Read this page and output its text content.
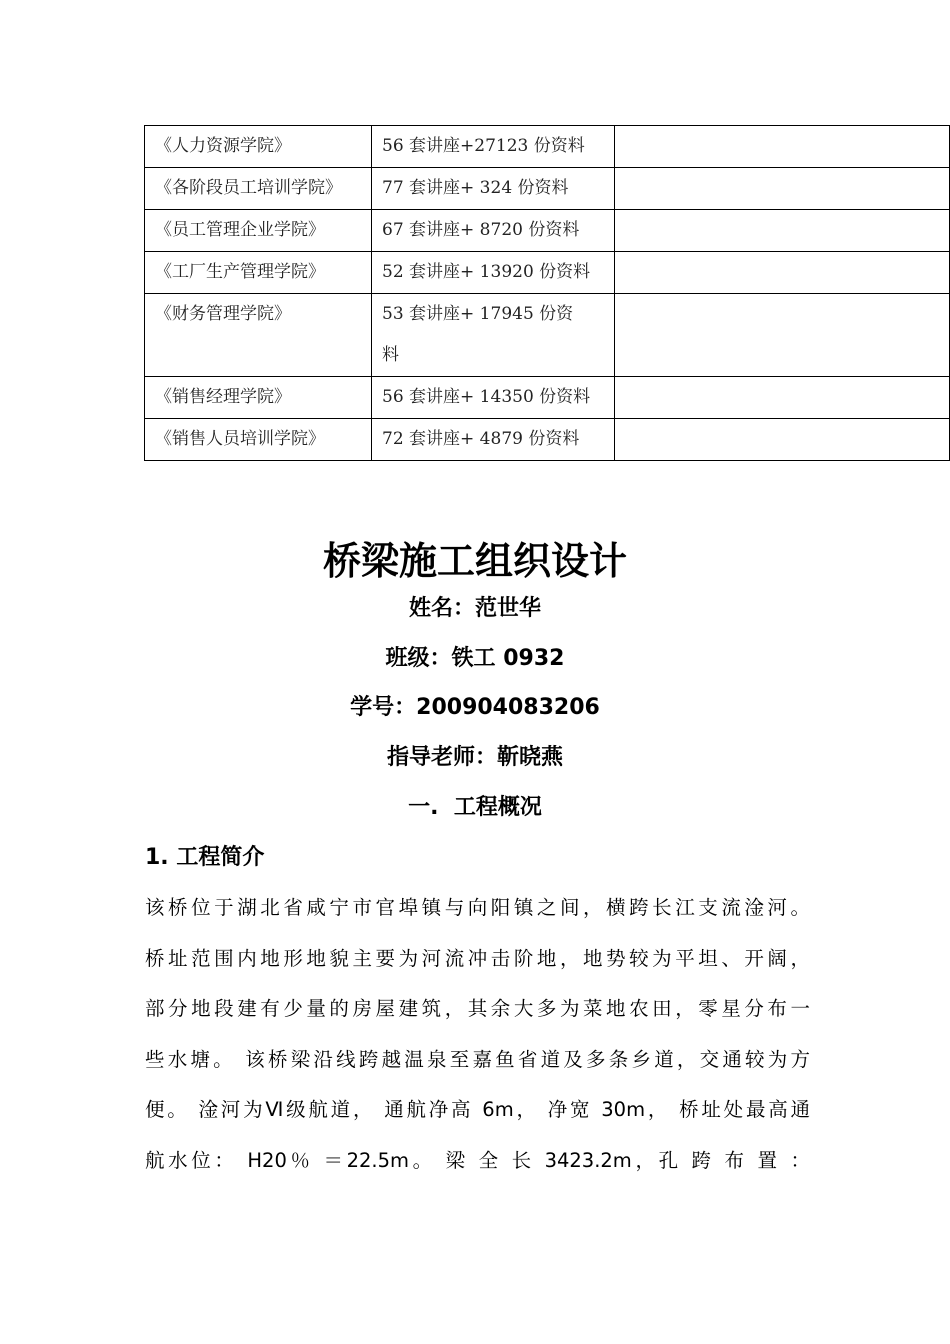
《人力资源学院》	56 套讲座+27123 份资料	

《各阶段员工培训学院》	77 套讲座+ 324 份资料	
《员工管理企业学院》	67 套讲座+ 8720 份资料	
《工厂生产管理学院》	52 套讲座+ 13920 份资料	
《财务管理学院》	53 套讲座+ 17945 份资料	

《销售经理学院》	56 套讲座+ 14350 份资料	
《销售人员培训学院》	72 套讲座+ 4879 份资料	
桥梁施工组织设计
姓名：范世华
班级：铁工 0932
学号：200904083206
指导老师：靳晓燕
一.  工程概况
1. 工程简介

该桥位于湖北省咸宁市官埠镇与向阳镇之间，横跨长江支流淦河。
桥址范围内地形地貌主要为河流冲击阶地，地势较为平坦、开阔，
部分地段建有少量的房屋建筑，其余大多为菜地农田，零星分布一
些水塘。 该桥梁沿线跨越温泉至嘉鱼省道及多条乡道，交通较为方
便。 淦河为Ⅵ级航道， 通航净高 6m， 净宽 30m， 桥址处最高通
航水位： H20％ ＝22.5m。 梁 全 长 3423.2m，孔 跨 布 置 ：
